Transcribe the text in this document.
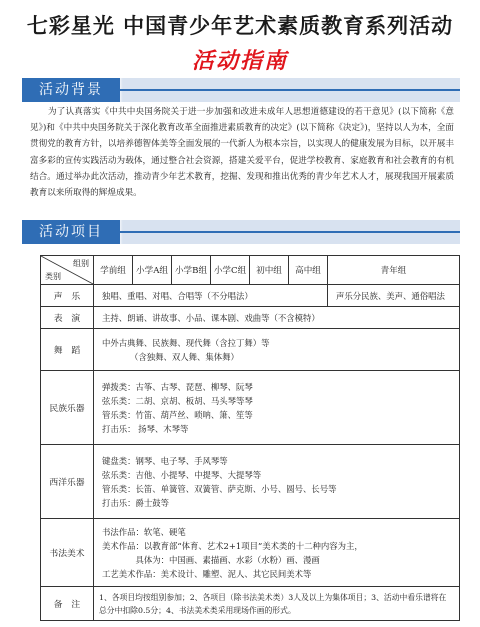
七彩星光 中国青少年艺术素质教育系列活动
活动指南
活动背景
为了认真落实《中共中央国务院关于进一步加强和改进未成年人思想道德建设的若干意见》(以下简称《意见》)和《中共中央国务院关于深化教育改革全面推进素质教育的决定》(以下简称《决定》)，坚持以人为本，全面贯彻党的教育方针，以培养德智体美等全面发展的一代新人为根本宗旨，以实现人的健康发展为目标，以开展丰富多彩的宣传实践活动为载体，通过整合社会资源，搭建关爱平台，促进学校教育、家庭教育和社会教育的有机结合。通过举办此次活动，推动青少年艺术教育，挖掘、发现和推出优秀的青少年艺术人才，展现我国开展素质教育以来所取得的辉煌成果。
活动项目
组别
类别	学前组	小学A组	小学B组	小学C组	初中组	高中组	青年组
声　乐	独唱、重唱、对唱、合唱等（不分唱法）						声乐分民族、美声、通俗唱法
表　演	主持、朗诵、讲故事、小品、课本剧、戏曲等（不含模特）						
舞　蹈	中外古典舞、民族舞、现代舞（含拉丁舞）等
（含独舞、双人舞、集体舞）						

民族乐器	弹拨类：古筝、古琴、琵琶、柳琴、阮琴
弦乐类：二胡、京胡、板胡、马头琴等琴
管乐类：竹笛、葫芦丝、唢呐、箫、笙等
打击乐： 扬琴、木琴等						

西洋乐器	键盘类：钢琴、电子琴、手风琴等
弦乐类：吉他、小提琴、中提琴、大提琴等
管乐类：长笛、单簧管、双簧管、萨克斯、小号、圆号、长号等
打击乐：爵士鼓等						

书法美术	书法作品：软笔、硬笔
美术作品：以教育部“体育、艺术2+1项目”美术类的十二种内容为主，
　　　　具体为：中国画、素描画、水彩（水粉）画、漫画
工艺美术作品：美术设计、雕塑、泥人、其它民间美术等						

备　注	1、各项目均按组别参加；2、各项目（除书法美术类）3人及以上为集体项目；3、活动中看乐谱将在总分中扣除0.5分；4、书法美术类采用现场作画的形式。						
